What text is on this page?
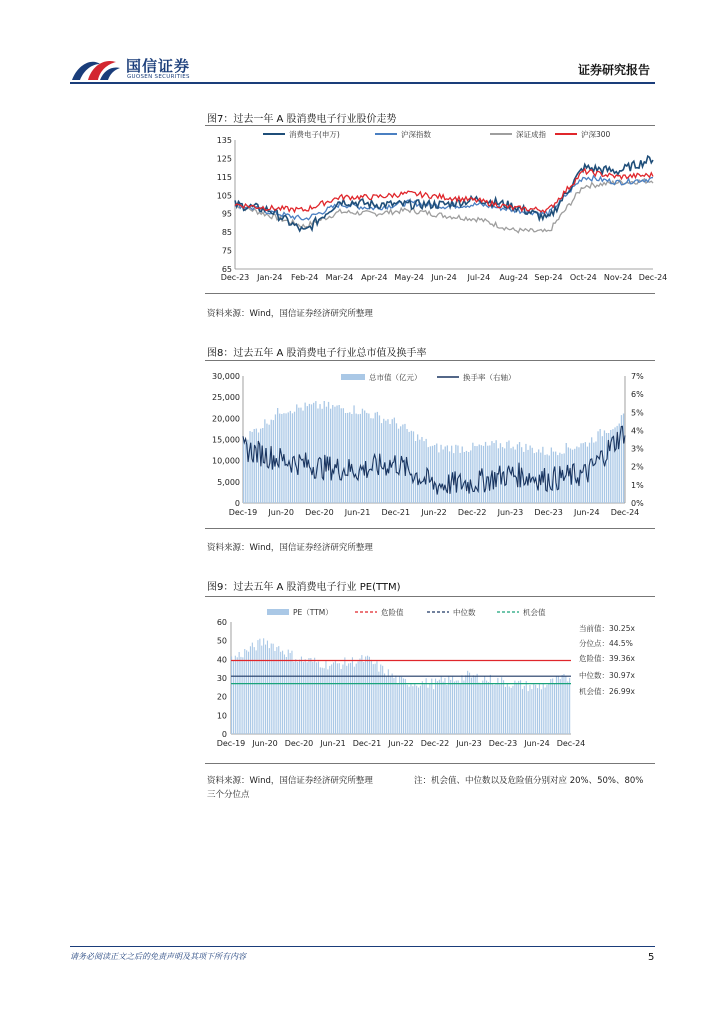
国信证券
GUOSEN SECURITIES	证券研究报告
图7：过去一年 A 股消费电子行业股价走势
65
75
85
95
105
115
125
135
Dec-23 Jan-24 Feb-24 Mar-24 Apr-24 May-24 Jun-24 Jul-24 Aug-24 Sep-24 Oct-24 Nov-24 Dec-24
消费电子(申万)	沪深指数	深证成指	沪深300
资料来源：Wind，国信证券经济研究所整理
图8：过去五年 A 股消费电子行业总市值及换手率
0
5,000
10,000
15,000
20,000
25,000
30,000
0%
1%
2%
3%
4%
5%
6%
7%
Dec-19 Jun-20 Dec-20 Jun-21 Dec-21 Jun-22 Dec-22 Jun-23 Dec-23 Jun-24 Dec-24
总市值（亿元）	换手率（右轴）
资料来源：Wind，国信证券经济研究所整理
图9：过去五年 A 股消费电子行业 PE(TTM)
0
10
20
30
40
50
60
Dec-19 Jun-20 Dec-20 Jun-21 Dec-21 Jun-22 Dec-22 Jun-23 Dec-23 Jun-24 Dec-24
PE（TTM）	危险值	中位数	机会值
当前值：30.25x
分位点：44.5%
危险值：39.36x
中位数：30.97x
机会值：26.99x
资料来源：Wind，国信证券经济研究所整理	注：机会值、中位数以及危险值分别对应 20%、50%、80%
三个分位点
请务必阅读正文之后的免责声明及其项下所有内容	5
